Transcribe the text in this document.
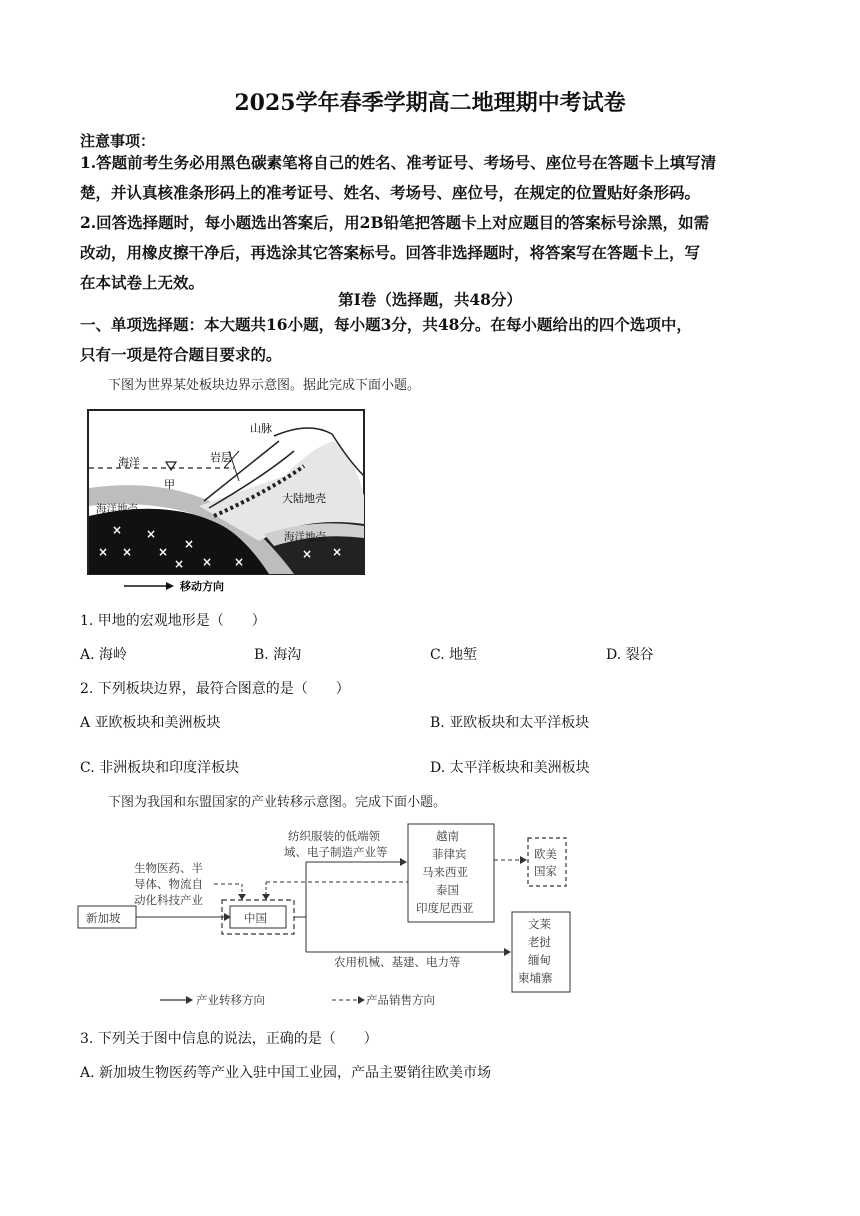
2025学年春季学期高二地理期中考试卷
注意事项：
1.答题前考生务必用黑色碳素笔将自己的姓名、准考证号、考场号、座位号在答题卡上填写清
楚，并认真核准条形码上的准考证号、姓名、考场号、座位号，在规定的位置贴好条形码。
2.回答选择题时，每小题选出答案后，用2B铅笔把答题卡上对应题目的答案标号涂黑，如需
改动，用橡皮擦干净后，再选涂其它答案标号。回答非选择题时，将答案写在答题卡上，写
在本试卷上无效。
第Ⅰ卷（选择题，共48分）
一、单项选择题：本大题共16小题，每小题3分，共48分。在每小题给出的四个选项中，
只有一项是符合题目要求的。
下图为世界某处板块边界示意图。据此完成下面小题。
× ×
× ×
×
×
× ×
×
× ×
山脉
海洋	岩层
甲
海洋地壳
大陆地壳
海洋地壳
移动方向
1. 甲地的宏观地形是（　　）
A. 海岭	B. 海沟	C. 地堑	D. 裂谷
2. 下列板块边界，最符合图意的是（　　）
A 亚欧板块和美洲板块	B. 亚欧板块和太平洋板块
C. 非洲板块和印度洋板块	D. 太平洋板块和美洲板块
下图为我国和东盟国家的产业转移示意图。完成下面小题。
新加坡	中国
生物医药、半
导体、物流自
动化科技产业
纺织服装的低端领
域、电子制造产业等
越南
菲律宾
马来西亚
泰国
印度尼西亚
欧美
国家
文莱
老挝
缅甸
柬埔寨
农用机械、基建、电力等
产业转移方向	产品销售方向
3. 下列关于图中信息的说法，正确的是（　　）
A. 新加坡生物医药等产业入驻中国工业园，产品主要销往欧美市场
